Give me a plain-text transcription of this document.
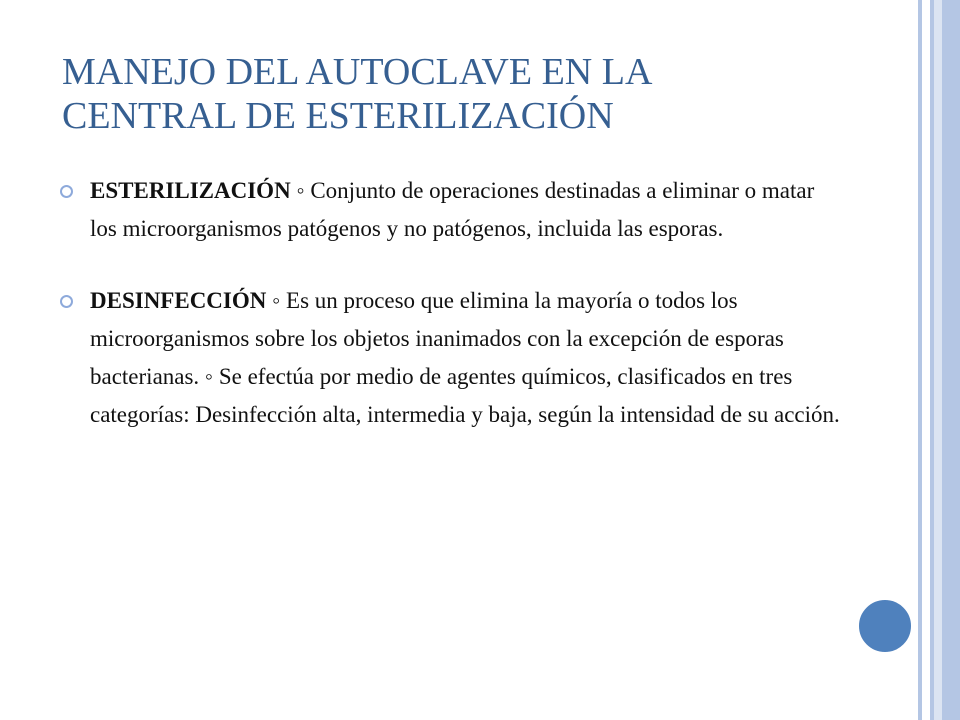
MANEJO DEL AUTOCLAVE EN LA
CENTRAL DE ESTERILIZACIÓN
ESTERILIZACIÓN ◦ Conjunto de operaciones destinadas a eliminar o matar los microorganismos patógenos y no patógenos, incluida las esporas.
DESINFECCIÓN ◦ Es un proceso que elimina la mayoría o todos los microorganismos sobre los objetos inanimados con la excepción de esporas bacterianas. ◦ Se efectúa por medio de agentes químicos, clasificados en tres categorías: Desinfección alta, intermedia y baja, según la intensidad de su acción.
